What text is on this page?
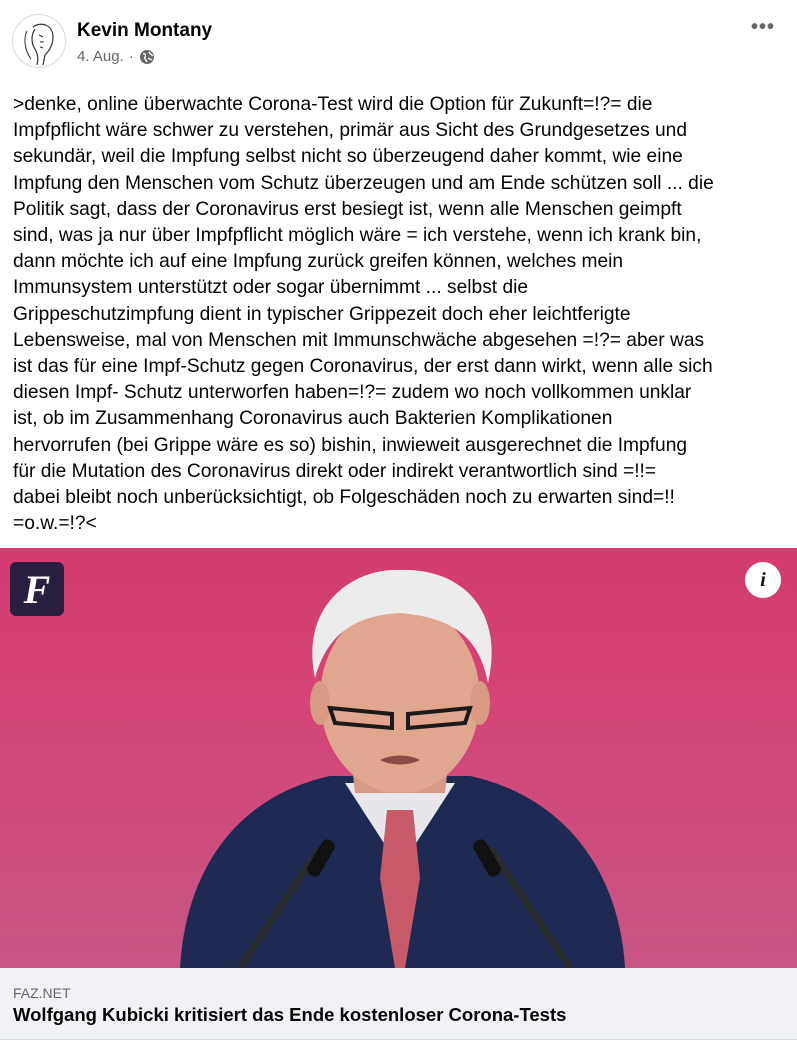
Kevin Montany
4. Aug. ·
•••

>denke, online überwachte Corona-Test wird die Option für Zukunft=!?= die

Impfpflicht wäre schwer zu verstehen, primär aus Sicht des Grundgesetzes und

sekundär, weil die Impfung selbst nicht so überzeugend daher kommt, wie eine

Impfung den Menschen vom Schutz überzeugen und am Ende schützen soll ... die

Politik sagt, dass der Coronavirus erst besiegt ist, wenn alle Menschen geimpft

sind, was ja nur über Impfpflicht möglich wäre = ich verstehe, wenn ich krank bin,

dann möchte ich auf eine Impfung zurück greifen können, welches mein

Immunsystem unterstützt oder sogar übernimmt ... selbst die

Grippeschutzimpfung dient in typischer Grippezeit doch eher leichtferigte

Lebensweise, mal von Menschen mit Immunschwäche abgesehen =!?= aber was

ist das für eine Impf-Schutz gegen Coronavirus, der erst dann wirkt, wenn alle sich

diesen Impf- Schutz unterworfen haben=!?= zudem wo noch vollkommen unklar

ist, ob im Zusammenhang Coronavirus auch Bakterien Komplikationen

hervorrufen (bei Grippe wäre es so) bishin, inwieweit ausgerechnet die Impfung

für die Mutation des Coronavirus direkt oder indirekt verantwortlich sind =!!=

dabei bleibt noch unberücksichtigt, ob Folgeschäden noch zu erwarten sind=!!

=o.w.=!?<

F	i
FAZ.NET
Wolfgang Kubicki kritisiert das Ende kostenloser Corona-Tests
